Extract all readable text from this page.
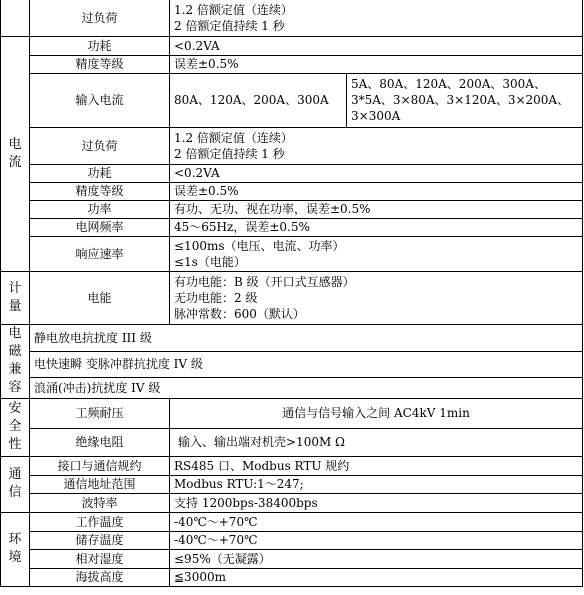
	过负荷	1.2 倍额定值（连续）
2 倍额定值持续 1 秒	

电
流	功耗	<0.2VA	
	精度等级	误差±0.5%	
	输入电流	80A、120A、200A、300A	5A、80A、120A、200A、300A、3*5A、3×80A、3×120A、3×200A、3×300A
	过负荷	1.2 倍额定值（连续）
2 倍额定值持续 1 秒	

	功耗	<0.2VA	
	精度等级	误差±0.5%	
	功率	有功、无功、视在功率，误差±0.5%	
	电网频率	45～65Hz，误差±0.5%	
	响应速率	≤100ms（电压、电流、功率）
≤1s（电能）	

计
量	电能	有功电能：B 级（开口式互感器）
无功电能：2 级
脉冲常数：600（默认）	

电
磁
兼
容	静电放电抗扰度 III 级		
	电快速瞬 变脉冲群抗扰度 IV 级		
	浪涌(冲击)抗扰度 IV 级		

安
全
性	工频耐压	通信与信号输入之间 AC4kV 1min	
	绝缘电阻	输入、输出端对机壳>100M Ω	

通
信	接口与通信规约	RS485 口、Modbus RTU 规约	
	通信地址范围	Modbus RTU:1～247;	
	波特率	支持 1200bps-38400bps	

环
境	工作温度	-40℃～+70℃	
	储存温度	-40℃～+70℃	
	相对湿度	≤95%（无凝露）	
	海拔高度	≦3000m	
